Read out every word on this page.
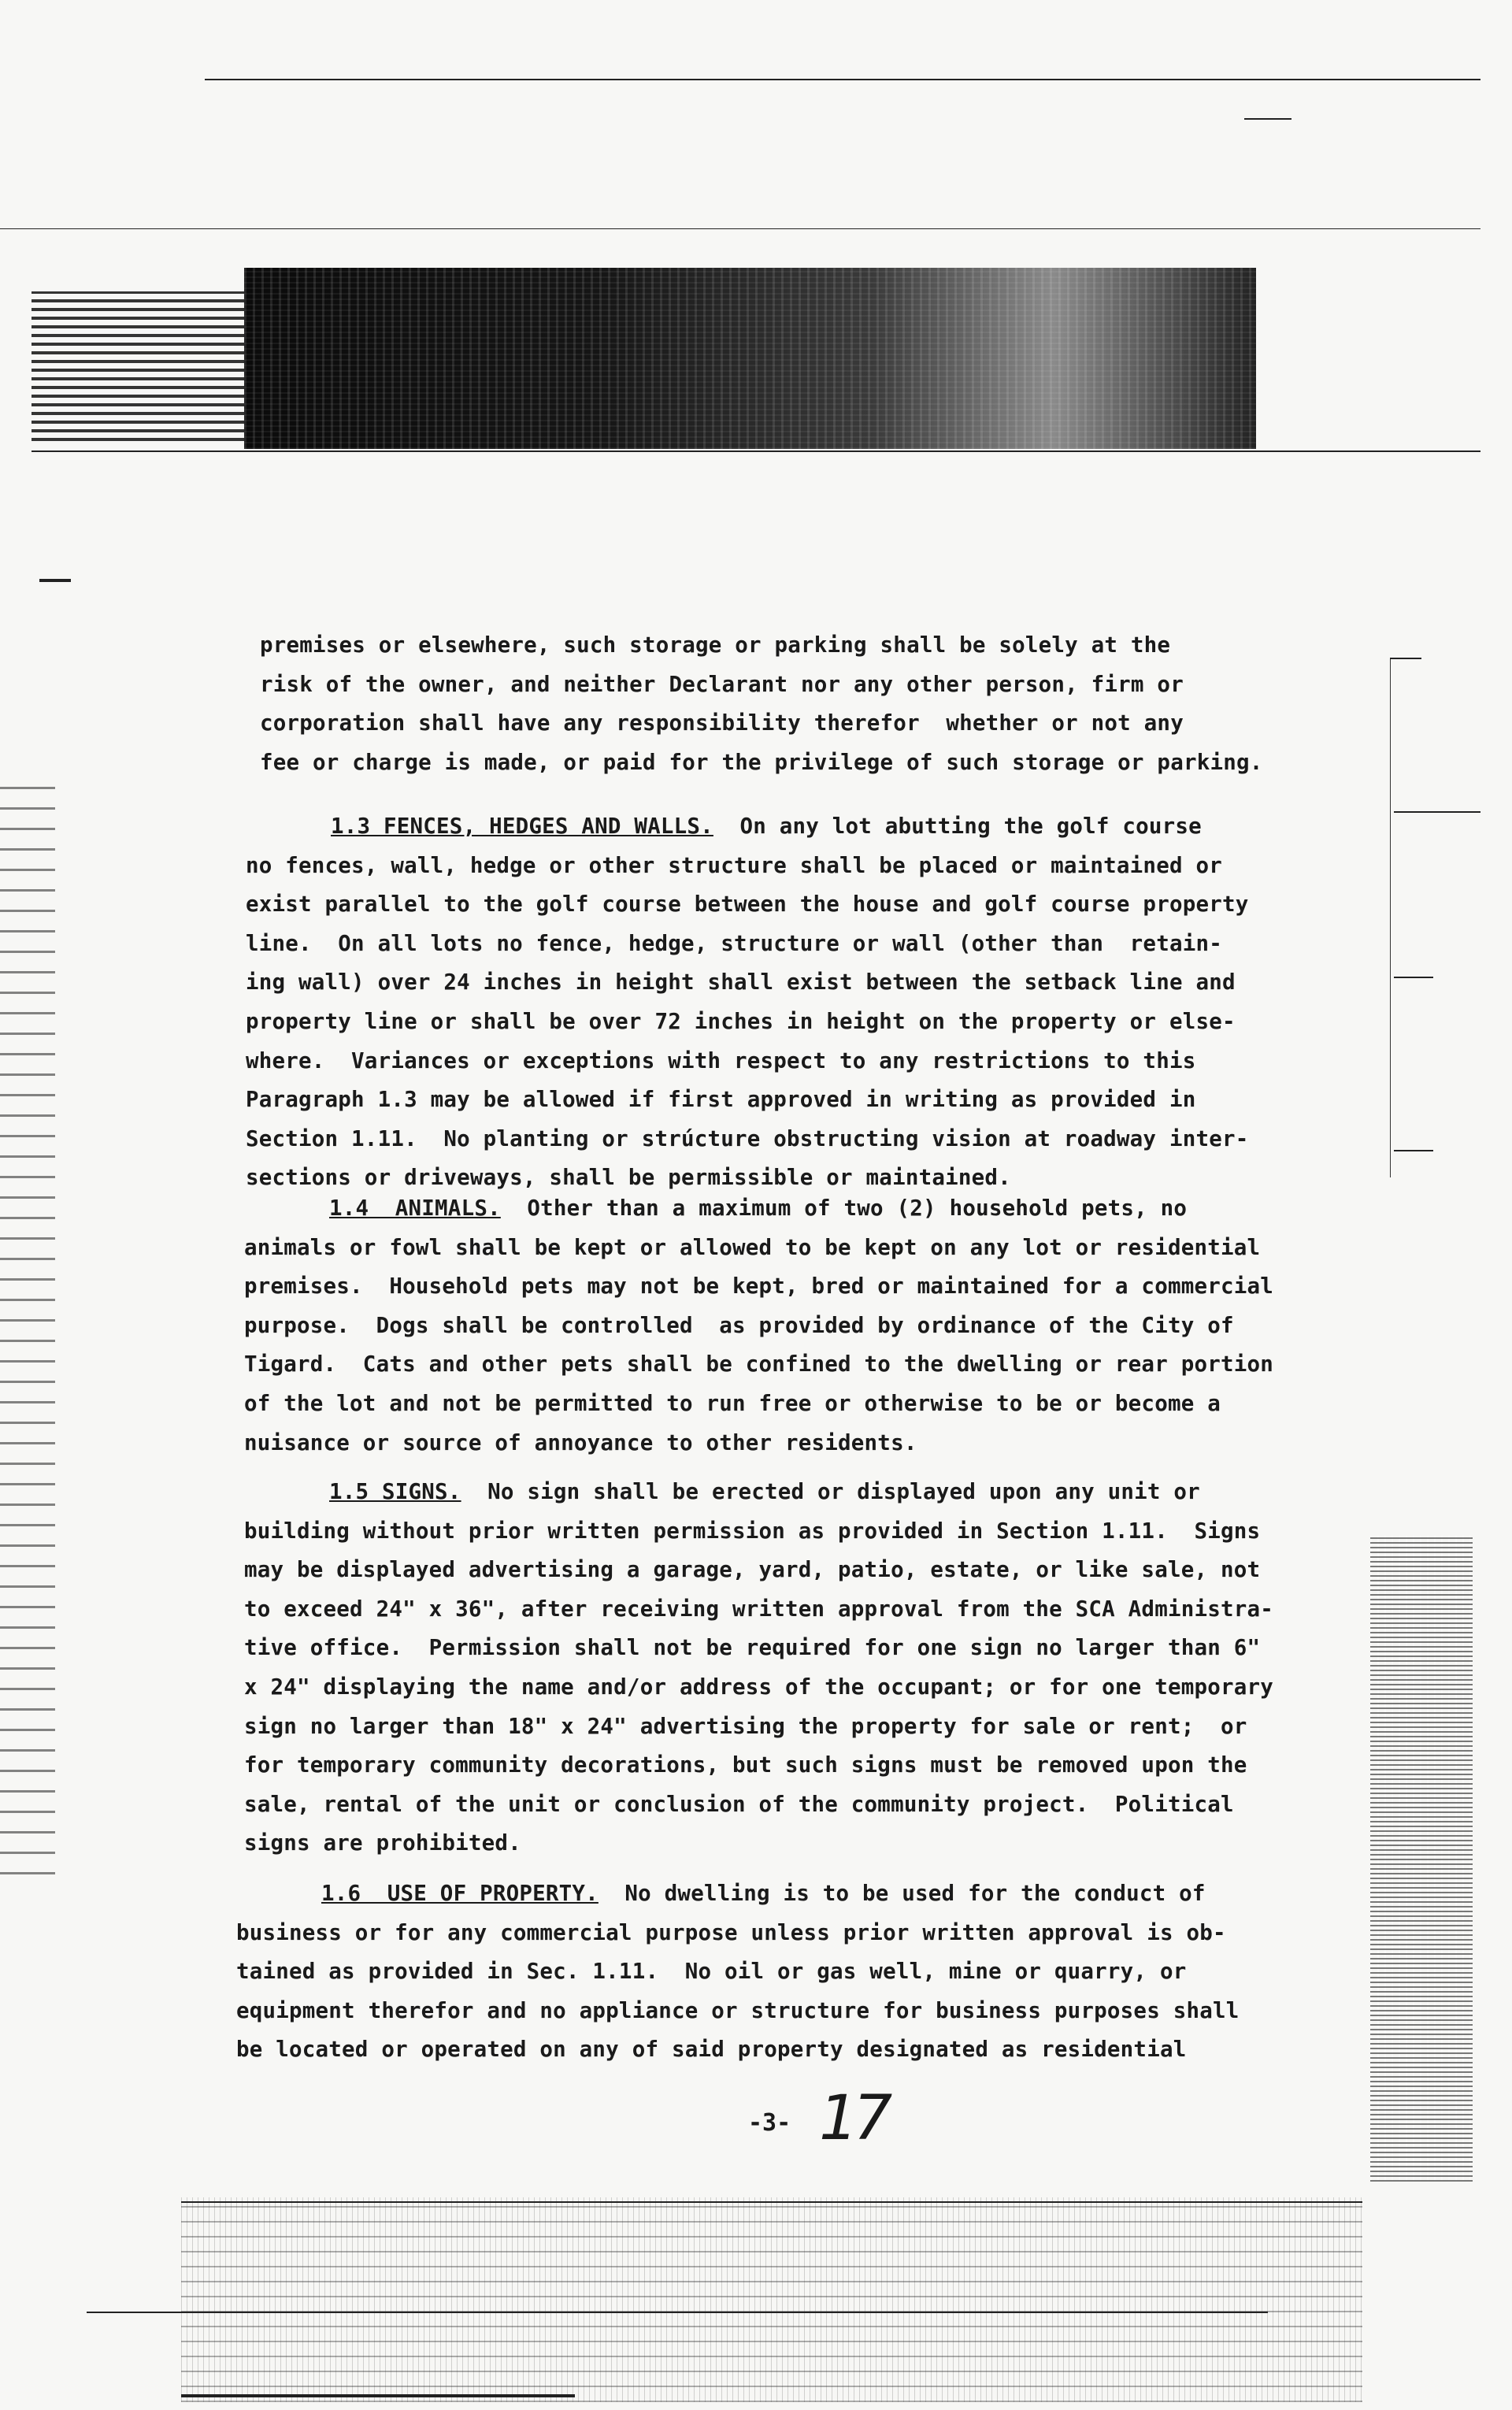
premises or elsewhere, such storage or parking shall be solely at the
risk of the owner, and neither Declarant nor any other person, firm or
corporation shall have any responsibility therefor  whether or not any
fee or charge is made, or paid for the privilege of such storage or parking.
1.3 FENCES, HEDGES AND WALLS. On any lot abutting the golf course
no fences, wall, hedge or other structure shall be placed or maintained or
exist parallel to the golf course between the house and golf course property
line.  On all lots no fence, hedge, structure or wall (other than  retain-
ing wall) over 24 inches in height shall exist between the setback line and
property line or shall be over 72 inches in height on the property or else-
where.  Variances or exceptions with respect to any restrictions to this
Paragraph 1.3 may be allowed if first approved in writing as provided in
Section 1.11.  No planting or strúcture obstructing vision at roadway inter-
sections or driveways, shall be permissible or maintained.
1.4  ANIMALS. Other than a maximum of two (2) household pets, no
animals or fowl shall be kept or allowed to be kept on any lot or residential
premises.  Household pets may not be kept, bred or maintained for a commercial
purpose.  Dogs shall be controlled  as provided by ordinance of the City of
Tigard.  Cats and other pets shall be confined to the dwelling or rear portion
of the lot and not be permitted to run free or otherwise to be or become a
nuisance or source of annoyance to other residents.
1.5 SIGNS. No sign shall be erected or displayed upon any unit or
building without prior written permission as provided in Section 1.11.  Signs
may be displayed advertising a garage, yard, patio, estate, or like sale, not
to exceed 24" x 36", after receiving written approval from the SCA Administra-
tive office.  Permission shall not be required for one sign no larger than 6"
x 24" displaying the name and/or address of the occupant; or for one temporary
sign no larger than 18" x 24" advertising the property for sale or rent;  or
for temporary community decorations, but such signs must be removed upon the
sale, rental of the unit or conclusion of the community project.  Political
signs are prohibited.
1.6  USE OF PROPERTY. No dwelling is to be used for the conduct of
business or for any commercial purpose unless prior written approval is ob-
tained as provided in Sec. 1.11.  No oil or gas well, mine or quarry, or
equipment therefor and no appliance or structure for business purposes shall
be located or operated on any of said property designated as residential
-3- 17
